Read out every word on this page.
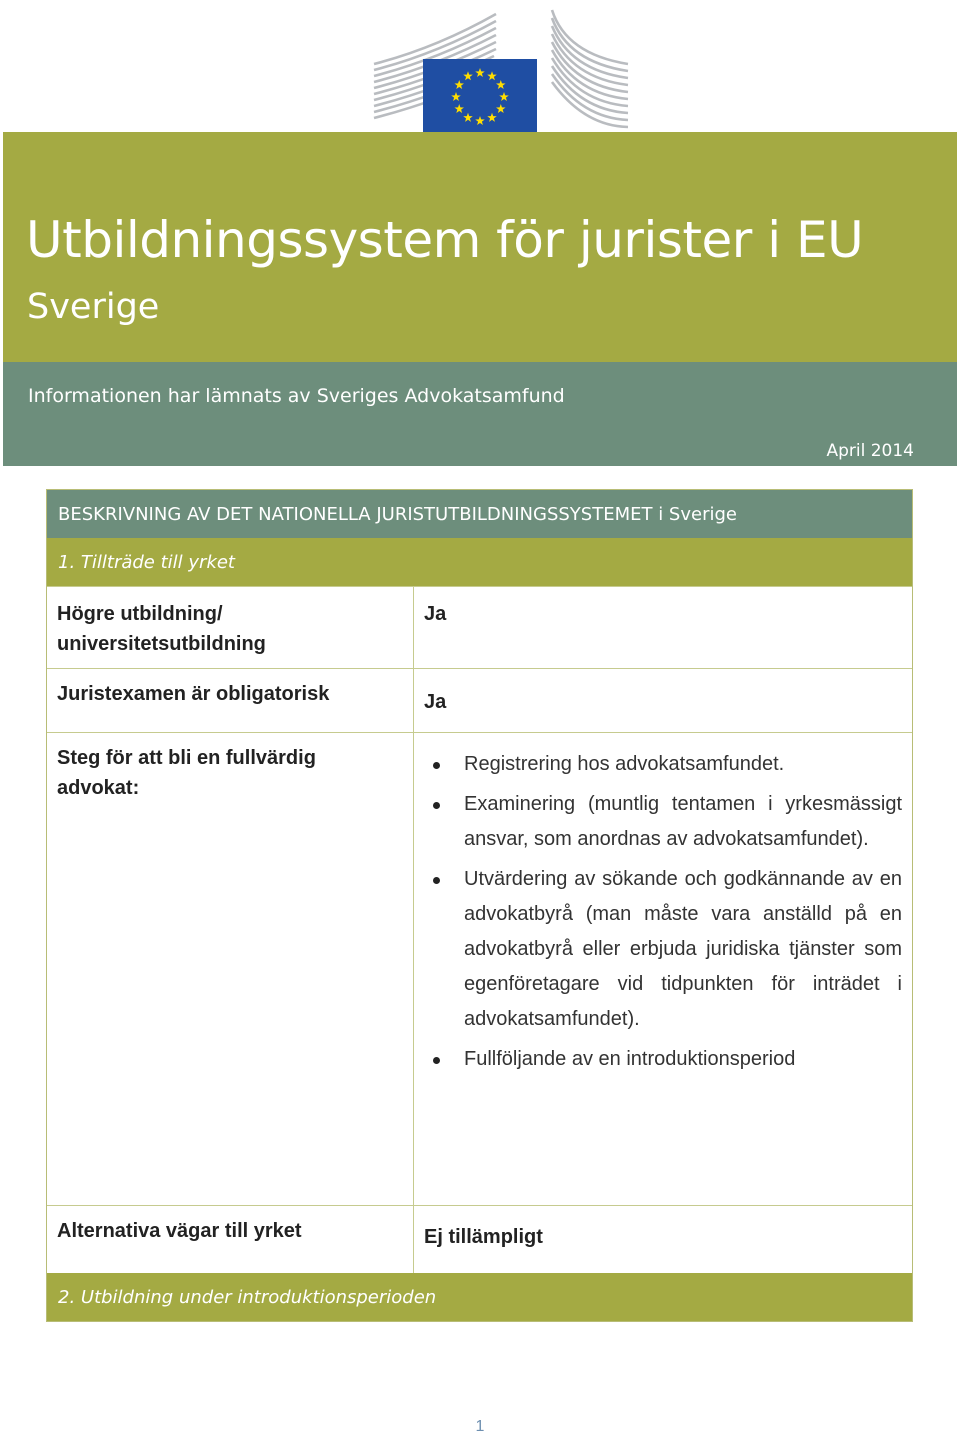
Utbildningssystem för jurister i EU
Sverige
Informationen har lämnats av Sveriges Advokatsamfund
April 2014
BESKRIVNING AV DET NATIONELLA JURISTUTBILDNINGSSYSTEMET i Sverige
1. Tillträde till yrket
Högre utbildning/ universitetsutbildning
Ja
Juristexamen är obligatorisk	Ja
Steg för att bli en fullvärdig advokat:
Registrering hos advokatsamfundet.
Examinering (muntlig tentamen i yrkesmässigt ansvar, som anordnas av advokatsamfundet).
Utvärdering av sökande och godkännande av en advokatbyrå (man måste vara anställd på en advokatbyrå eller erbjuda juridiska tjänster som egenföretagare vid tidpunkten för inträdet i advokatsamfundet).
Fullföljande av en introduktionsperiod
Alternativa vägar till yrket	Ej tillämpligt
2. Utbildning under introduktionsperioden
1
